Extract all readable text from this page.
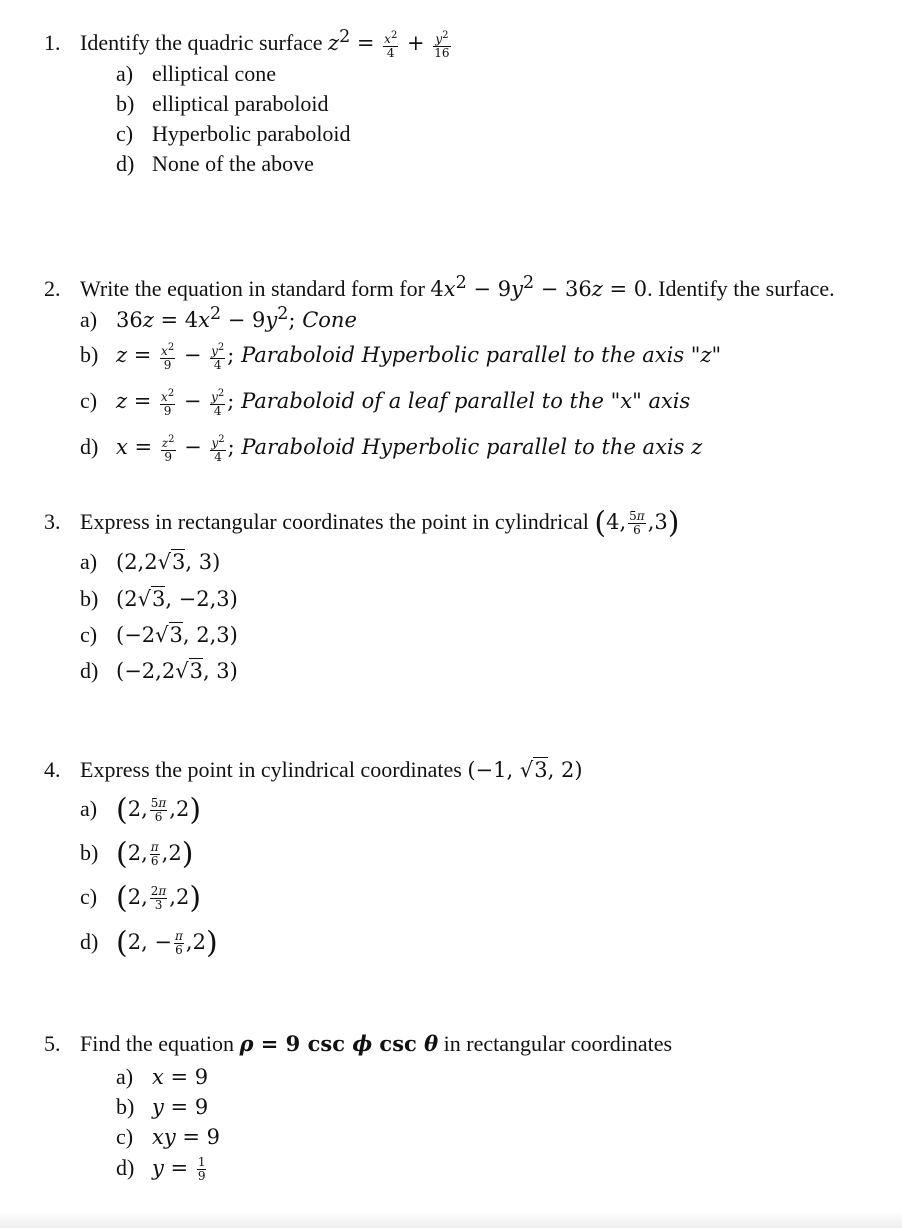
1. Identify the quadric surface $z^2 = \frac{x^2}{4} + \frac{y^2}{16}$
a) elliptical cone
b) elliptical paraboloid
c) Hyperbolic paraboloid
d) None of the above
2. Write the equation in standard form for $4x^2 - 9y^2 - 36z = 0$. Identify the surface.
a) $36z = 4x^2 - 9y^2$; Cone
b) $z = \frac{x^2}{9} - \frac{y^2}{4}$ ; Paraboloid Hyperbolic parallel to the axis "z"
c) $z = \frac{x^2}{9} - \frac{y^2}{4}$ ; Paraboloid of a leaf parallel to the "x" axis
d) $x = \frac{z^2}{9} - \frac{y^2}{4}$ ; Paraboloid Hyperbolic parallel to the axis z
3. Express in rectangular coordinates the point in cylindrical (4, $\frac{5\pi}{6} ,3$)
a) (2,2√3, 3)
b) (2√3, −2,3)
c) (−2√3, 2,3)
d) (−2,2√3, 3)
4. Express the point in cylindrical coordinates (−1, √3, 2)
a) (2, $\frac{5\pi}{6} ,2$)
b) (2, $\frac{\pi}{6} ,2$)
c) (2, $\frac{2\pi}{3} ,2$)
d) (2, − $\frac{\pi}{6} ,2$)
5. Find the equation ρ = 9 csc ϕ csc θ in rectangular coordinates
a) x = 9
b) y = 9
c) xy = 9
d) $y = \frac{1}{9}$
